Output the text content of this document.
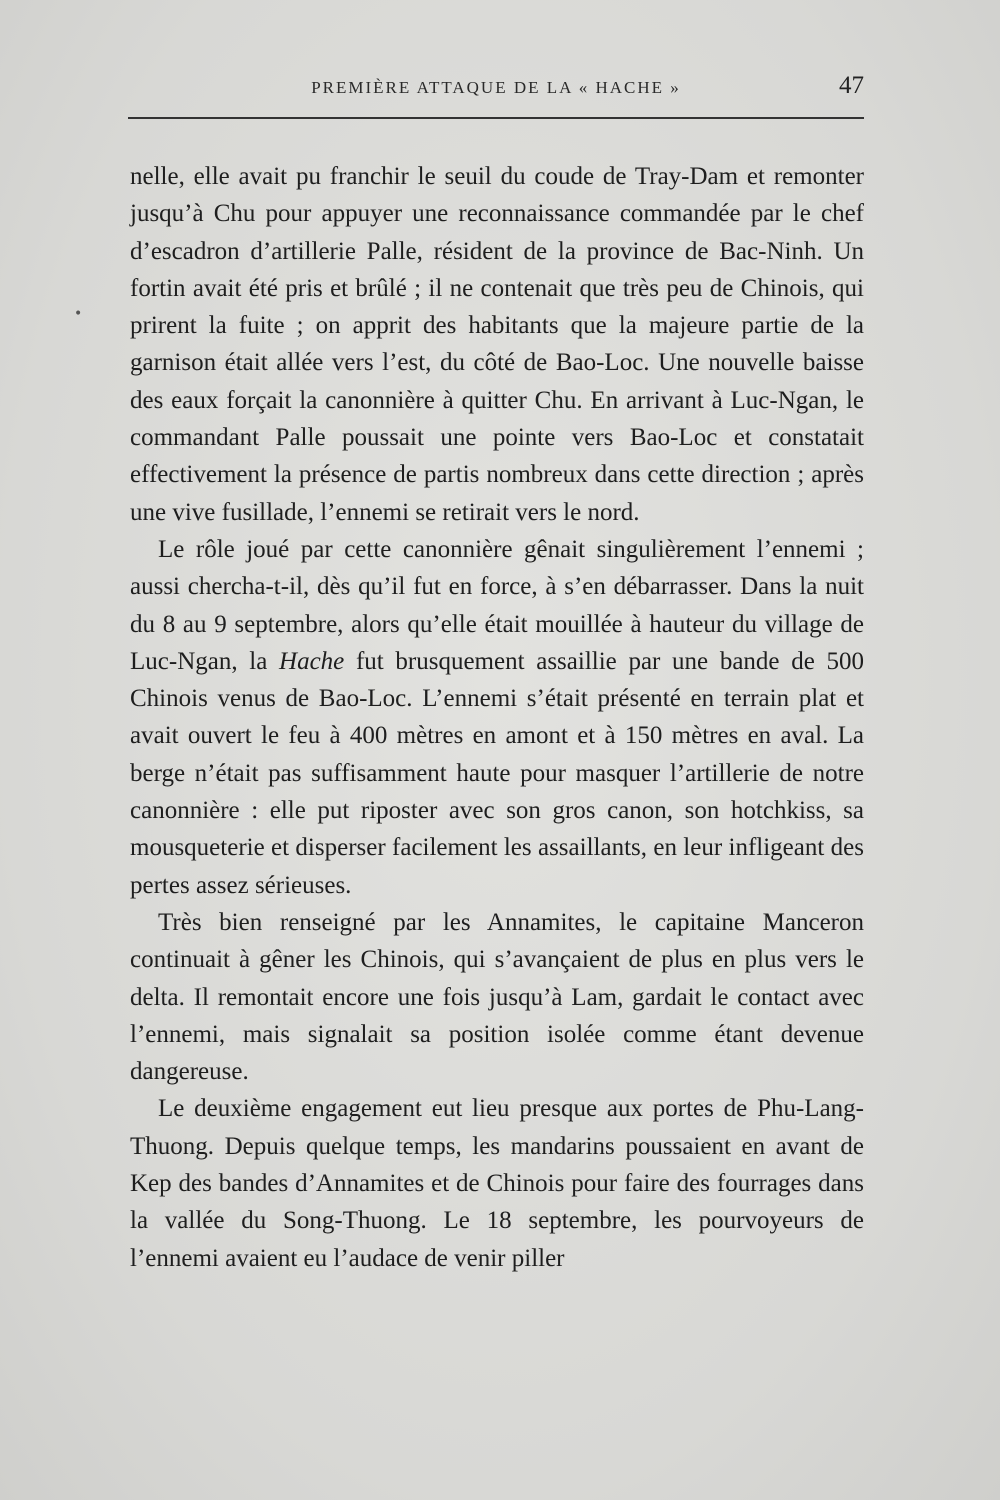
PREMIÈRE ATTAQUE DE LA « HACHE »	47
•

nelle, elle avait pu franchir le seuil du coude de Tray-Dam et remonter jusqu’à Chu pour appuyer une reconnaissance commandée par le chef d’escadron d’artillerie Palle, résident de la province de Bac-Ninh. Un fortin avait été pris et brûlé ; il ne contenait que très peu de Chinois, qui prirent la fuite ; on apprit des habitants que la majeure partie de la garnison était allée vers l’est, du côté de Bao-Loc. Une nouvelle baisse des eaux forçait la canonnière à quitter Chu. En arrivant à Luc-Ngan, le commandant Palle poussait une pointe vers Bao-Loc et constatait effectivement la présence de partis nombreux dans cette direction ; après une vive fusillade, l’ennemi se retirait vers le nord.

Le rôle joué par cette canonnière gênait singulièrement l’ennemi ; aussi chercha-t-il, dès qu’il fut en force, à s’en débarrasser. Dans la nuit du 8 au 9 septembre, alors qu’elle était mouillée à hauteur du village de Luc-Ngan, la Hache fut brusquement assaillie par une bande de 500 Chinois venus de Bao-Loc. L’ennemi s’était présenté en terrain plat et avait ouvert le feu à 400 mètres en amont et à 150 mètres en aval. La berge n’était pas suffisamment haute pour masquer l’artillerie de notre canonnière : elle put riposter avec son gros canon, son hotchkiss, sa mousqueterie et disperser facilement les assaillants, en leur infligeant des pertes assez sérieuses.

Très bien renseigné par les Annamites, le capitaine Manceron continuait à gêner les Chinois, qui s’avançaient de plus en plus vers le delta. Il remontait encore une fois jusqu’à Lam, gardait le contact avec l’ennemi, mais signalait sa position isolée comme étant devenue dangereuse.

Le deuxième engagement eut lieu presque aux portes de Phu-Lang-Thuong. Depuis quelque temps, les mandarins poussaient en avant de Kep des bandes d’Annamites et de Chinois pour faire des fourrages dans la vallée du Song-Thuong. Le 18 septembre, les pourvoyeurs de l’ennemi avaient eu l’audace de venir piller
